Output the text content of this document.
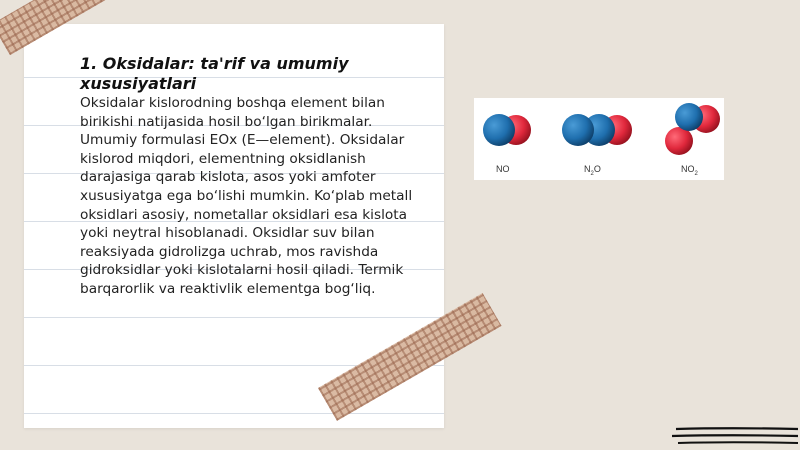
1. Oksidalar: ta'rif va umumiy xususiyatlari
Oksidalar kislorodning boshqa element bilan birikishi natijasida hosil bo‘lgan birikmalar. Umumiy formulasi EOx (E—element). Oksidalar kislorod miqdori, elementning oksidlanish darajasiga qarab kislota, asos yoki amfoter xususiyatga ega bo‘lishi mumkin. Ko‘plab metall oksidlari asosiy, nometallar oksidlari esa kislota yoki neytral hisoblanadi. Oksidlar suv bilan reaksiyada gidrolizga uchrab, mos ravishda gidroksidlar yoki kislotalarni hosil qiladi. Termik barqarorlik va reaktivlik elementga bog‘liq.
NO	$N_2O$	$NO_2$
